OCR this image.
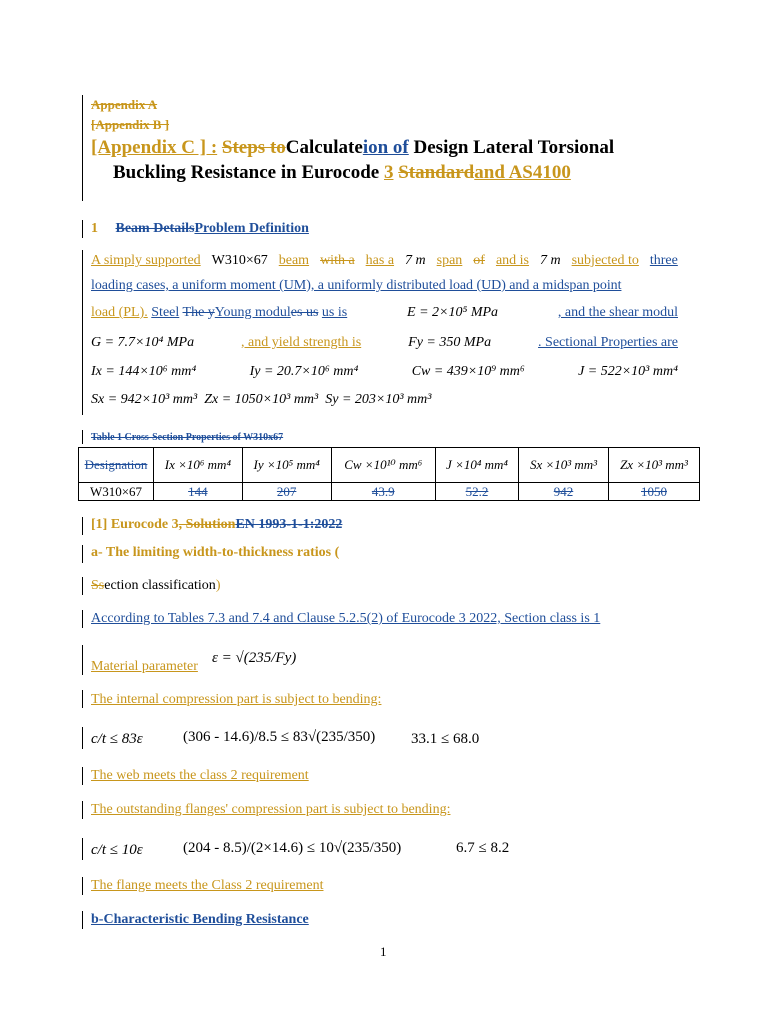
Appendix A
[Appendix B ]
[Appendix C ] : Steps toCalculateion of Design Lateral Torsional
Buckling Resistance in Eurocode 3 Standardand AS4100
1 Beam DetailsProblem Definition
A simply supported W310×67 beam with a has a 7 m span of and is 7 m subjected to three
loading cases, a uniform moment (UM), a uniformly distributed load (UD) and a midspan point
load (PL). Steel The yYoung modules us us is	E = 2×10⁵ MPa	, and the shear modul
G = 7.7×10⁴ MPa	, and yield strength is	Fy = 350 MPa	. Sectional Properties are
Ix = 144×10⁶ mm⁴	Iy = 20.7×10⁶ mm⁴	Cw = 439×10⁹ mm⁶	J = 522×10³ mm⁴
Sx = 942×10³ mm³ Zx = 1050×10³ mm³ Sy = 203×10³ mm³
Table 1 Cross-Section Properties of W310x67
Designation	Ix ×10⁶ mm⁴	Iy ×10⁵ mm⁴	Cw ×10¹⁰ mm⁶	J ×10⁴ mm⁴	Sx ×10³ mm³	Zx ×10³ mm³
W310×67	144	207	43.9	52.2	942	1050
[1] Eurocode 3, SolutionEN 1993-1-1:2022
a- The limiting width-to-thickness ratios (
Ssection classification)
According to Tables 7.3 and 7.4 and Clause 5.2.5(2) of Eurocode 3 2022, Section class is 1
Material parameter
ε = √(235/Fy)
The internal compression part is subject to bending:
c/t ≤ 83ε	(306 - 14.6)/8.5 ≤ 83√(235/350) 33.1 ≤ 68.0
The web meets the class 2 requirement
The outstanding flanges' compression part is subject to bending:
c/t ≤ 10ε	(204 - 8.5)/(2×14.6) ≤ 10√(235/350)	6.7 ≤ 8.2
The flange meets the Class 2 requirement
b-Characteristic Bending Resistance
1
